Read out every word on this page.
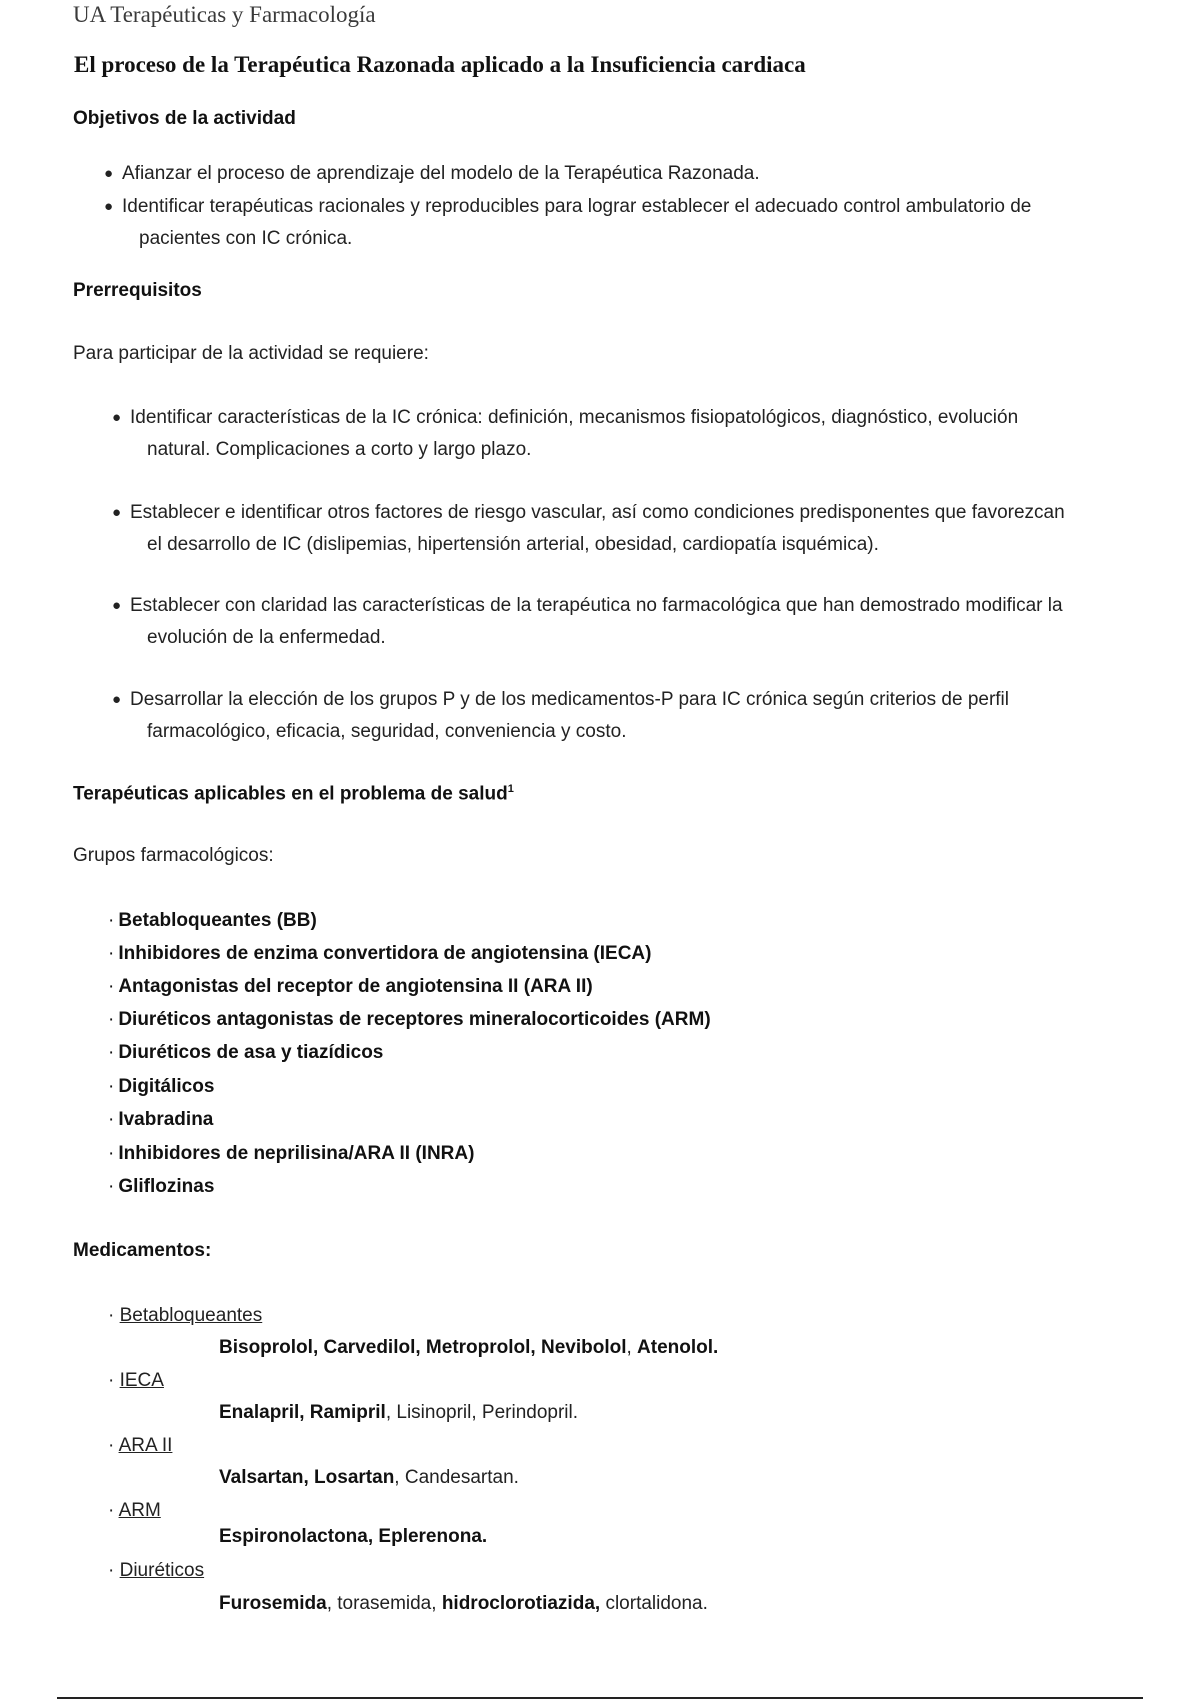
UA Terapéuticas y Farmacología
El proceso de la Terapéutica Razonada aplicado a la Insuficiencia cardiaca
Objetivos de la actividad
● Afianzar el proceso de aprendizaje del modelo de la Terapéutica Razonada.
● Identificar terapéuticas racionales y reproducibles para lograr establecer el adecuado control ambulatorio de
pacientes con IC crónica.
Prerrequisitos
Para participar de la actividad se requiere:
● Identificar características de la IC crónica: definición, mecanismos fisiopatológicos, diagnóstico, evolución
natural. Complicaciones a corto y largo plazo.
● Establecer e identificar otros factores de riesgo vascular, así como condiciones predisponentes que favorezcan
el desarrollo de IC (dislipemias, hipertensión arterial, obesidad, cardiopatía isquémica).
● Establecer con claridad las características de la terapéutica no farmacológica que han demostrado modificar la
evolución de la enfermedad.
● Desarrollar la elección de los grupos P y de los medicamentos-P para IC crónica según criterios de perfil
farmacológico, eficacia, seguridad, conveniencia y costo.
Terapéuticas aplicables en el problema de salud$^1$
Grupos farmacológicos:
· Betabloqueantes (BB)
· Inhibidores de enzima convertidora de angiotensina (IECA)
· Antagonistas del receptor de angiotensina II (ARA II)
· Diuréticos antagonistas de receptores mineralocorticoides (ARM)
· Diuréticos de asa y tiazídicos
· Digitálicos
· Ivabradina
· Inhibidores de neprilisina/ARA II (INRA)
· Gliflozinas
Medicamentos:
· Betabloqueantes
Bisoprolol, Carvedilol, Metroprolol, Nevibolol, Atenolol.
· IECA
Enalapril, Ramipril, Lisinopril, Perindopril.
· ARA II
Valsartan, Losartan, Candesartan.
· ARM
Espironolactona, Eplerenona.
· Diuréticos
Furosemida, torasemida, hidroclorotiazida, clortalidona.
